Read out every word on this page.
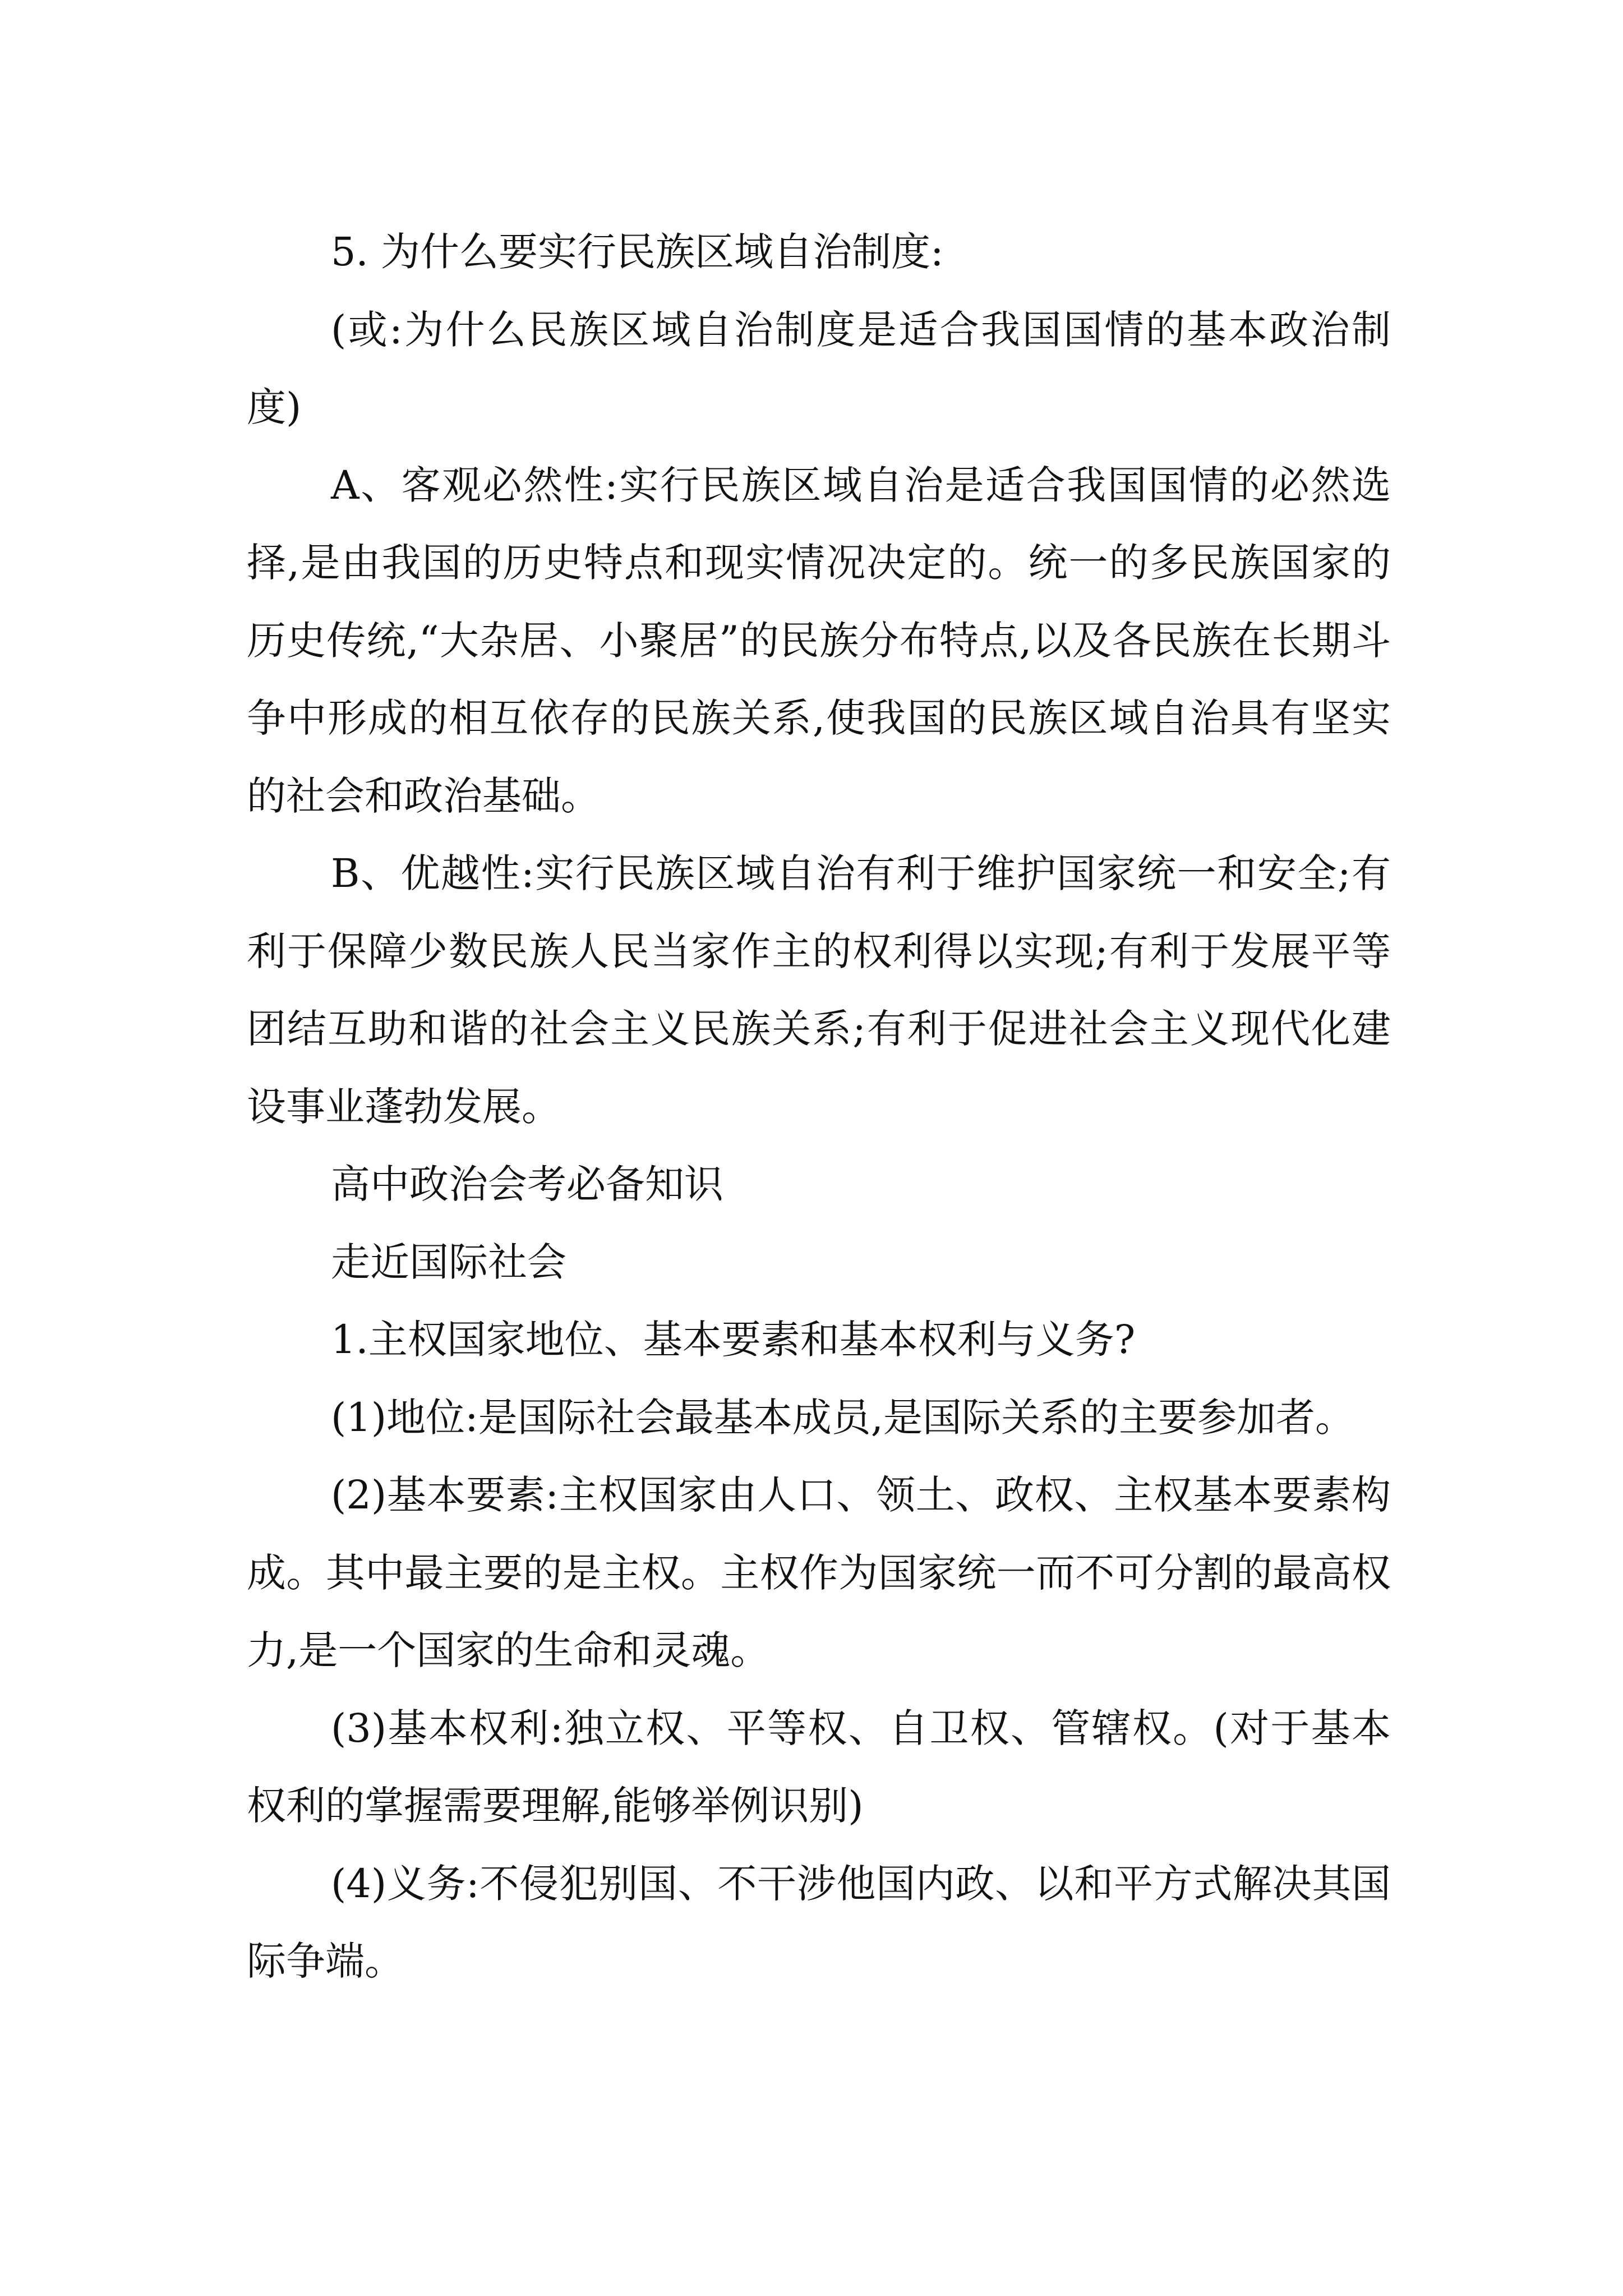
5. 为什么要实行民族区域自治制度:

(或:为什么民族区域自治制度是适合我国国情的基本政治制度)

A、客观必然性:实行民族区域自治是适合我国国情的必然选择,是由我国的历史特点和现实情况决定的。统一的多民族国家的历史传统,“大杂居、小聚居”的民族分布特点,以及各民族在长期斗争中形成的相互依存的民族关系,使我国的民族区域自治具有坚实的社会和政治基础。

B、优越性:实行民族区域自治有利于维护国家统一和安全;有利于保障少数民族人民当家作主的权利得以实现;有利于发展平等团结互助和谐的社会主义民族关系;有利于促进社会主义现代化建设事业蓬勃发展。

高中政治会考必备知识

走近国际社会

1.主权国家地位、基本要素和基本权利与义务?

(1)地位:是国际社会最基本成员,是国际关系的主要参加者。

(2)基本要素:主权国家由人口、领土、政权、主权基本要素构成。其中最主要的是主权。主权作为国家统一而不可分割的最高权力,是一个国家的生命和灵魂。

(3)基本权利:独立权、平等权、自卫权、管辖权。(对于基本权利的掌握需要理解,能够举例识别)

(4)义务:不侵犯别国、不干涉他国内政、以和平方式解决其国际争端。
